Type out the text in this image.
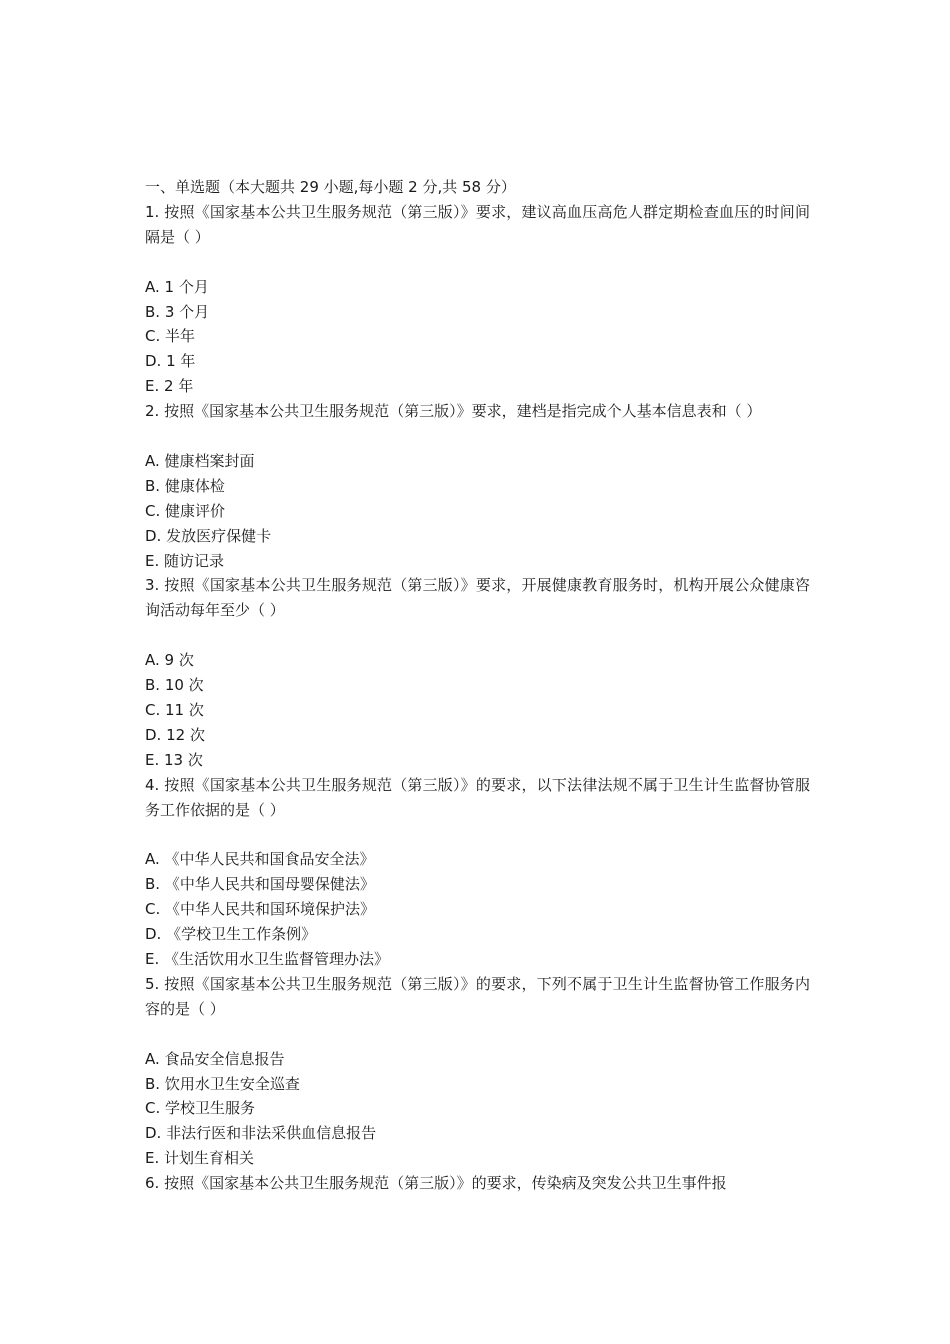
一、单选题（本大题共 29 小题,每小题 2 分,共 58 分）
1. 按照《国家基本公共卫生服务规范（第三版）》要求，建议高血压高危人群定期检查血压的时间间隔是（ ）
A. 1 个月
B. 3 个月
C. 半年
D. 1 年
E. 2 年
2. 按照《国家基本公共卫生服务规范（第三版）》要求，建档是指完成个人基本信息表和（ ）
A. 健康档案封面
B. 健康体检
C. 健康评价
D. 发放医疗保健卡
E. 随访记录
3. 按照《国家基本公共卫生服务规范（第三版）》要求，开展健康教育服务时，机构开展公众健康咨询活动每年至少（ ）
A. 9 次
B. 10 次
C. 11 次
D. 12 次
E. 13 次
4. 按照《国家基本公共卫生服务规范（第三版）》的要求，以下法律法规不属于卫生计生监督协管服务工作依据的是（ ）
A. 《中华人民共和国食品安全法》
B. 《中华人民共和国母婴保健法》
C. 《中华人民共和国环境保护法》
D. 《学校卫生工作条例》
E. 《生活饮用水卫生监督管理办法》
5. 按照《国家基本公共卫生服务规范（第三版）》的要求，下列不属于卫生计生监督协管工作服务内容的是（ ）
A. 食品安全信息报告
B. 饮用水卫生安全巡查
C. 学校卫生服务
D. 非法行医和非法采供血信息报告
E. 计划生育相关
6. 按照《国家基本公共卫生服务规范（第三版）》的要求，传染病及突发公共卫生事件报
